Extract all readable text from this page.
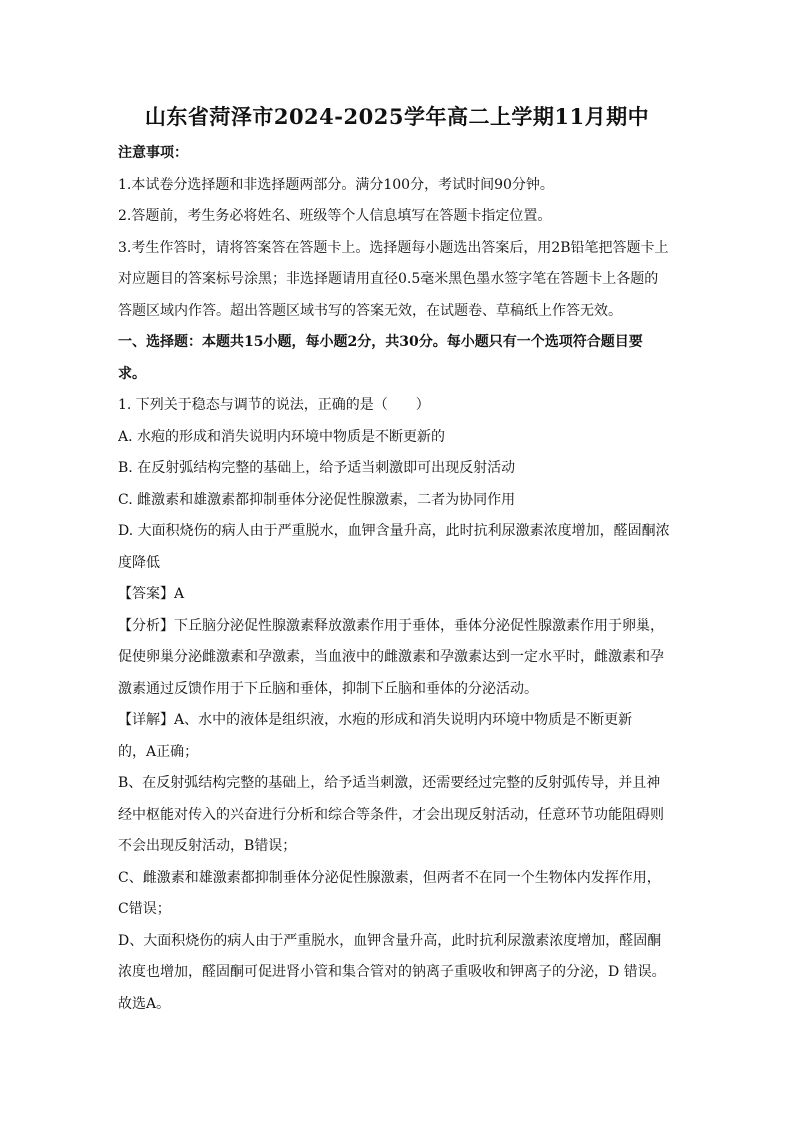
山东省菏泽市2024-2025学年高二上学期11月期中
注意事项：
1.本试卷分选择题和非选择题两部分。满分100分，考试时间90分钟。
2.答题前，考生务必将姓名、班级等个人信息填写在答题卡指定位置。
3.考生作答时，请将答案答在答题卡上。选择题每小题选出答案后，用2B铅笔把答题卡上
对应题目的答案标号涂黑；非选择题请用直径0.5毫米黑色墨水签字笔在答题卡上各题的
答题区域内作答。超出答题区域书写的答案无效，在试题卷、草稿纸上作答无效。
一、选择题：本题共15小题，每小题2分，共30分。每小题只有一个选项符合题目要
求。
1. 下列关于稳态与调节的说法，正确的是（　　）
A. 水疱的形成和消失说明内环境中物质是不断更新的
B. 在反射弧结构完整的基础上，给予适当刺激即可出现反射活动
C. 雌激素和雄激素都抑制垂体分泌促性腺激素，二者为协同作用
D. 大面积烧伤的病人由于严重脱水，血钾含量升高，此时抗利尿激素浓度增加，醛固酮浓
度降低
【答案】A
【分析】下丘脑分泌促性腺激素释放激素作用于垂体，垂体分泌促性腺激素作用于卵巢，
促使卵巢分泌雌激素和孕激素，当血液中的雌激素和孕激素达到一定水平时，雌激素和孕
激素通过反馈作用于下丘脑和垂体，抑制下丘脑和垂体的分泌活动。
【详解】A、水中的液体是组织液，水疱的形成和消失说明内环境中物质是不断更新
的，A正确；
B、在反射弧结构完整的基础上，给予适当刺激，还需要经过完整的反射弧传导，并且神
经中枢能对传入的兴奋进行分析和综合等条件，才会出现反射活动，任意环节功能阻碍则
不会出现反射活动，B错误；
C、雌激素和雄激素都抑制垂体分泌促性腺激素，但两者不在同一个生物体内发挥作用，
C错误；
D、大面积烧伤的病人由于严重脱水，血钾含量升高，此时抗利尿激素浓度增加，醛固酮
浓度也增加，醛固酮可促进肾小管和集合管对的钠离子重吸收和钾离子的分泌，D 错误。
故选A。
